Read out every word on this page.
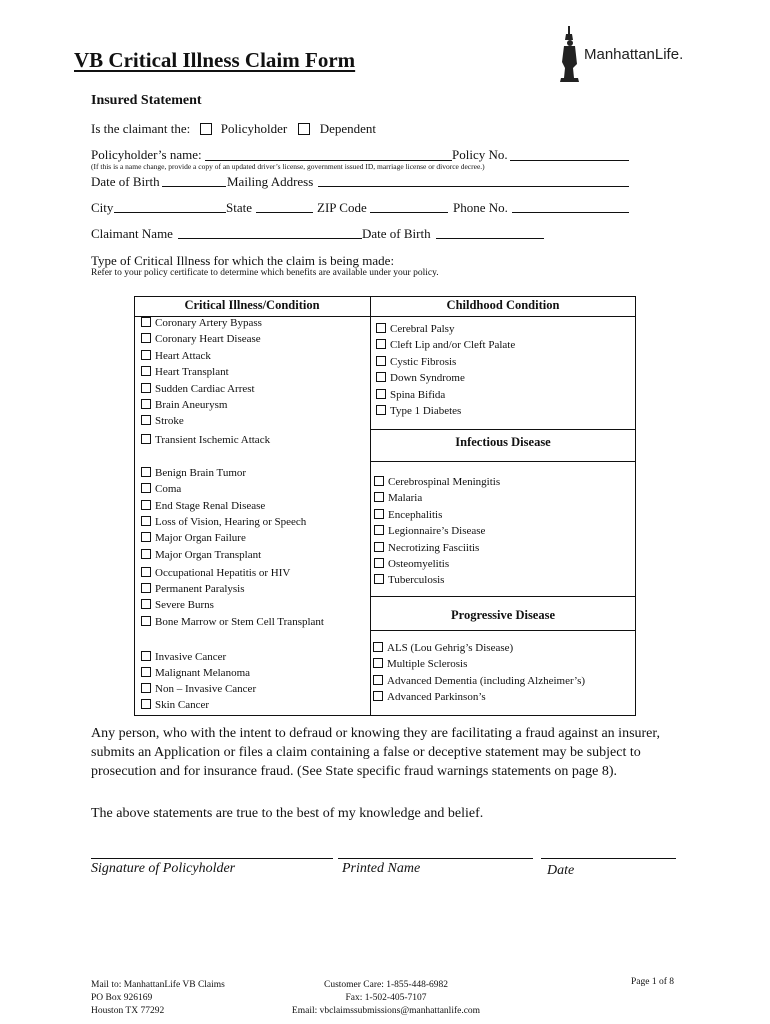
VB Critical Illness Claim Form	ManhattanLife.
Insured Statement
Is the claimant the: Policyholder	Dependent
Policyholder’s name:	Policy No.
(If this is a name change, provide a copy of an updated driver’s license, government issued ID, marriage license or divorce decree.)
Date of Birth	Mailing Address
City	State	ZIP Code	Phone No.
Claimant Name	Date of Birth
Type of Critical Illness for which the claim is being made:
Refer to your policy certificate to determine which benefits are available under your policy.
Critical Illness/Condition	Childhood Condition
Infectious Disease
Progressive Disease
Coronary Artery Bypass
Coronary Heart Disease
Heart Attack
Heart Transplant
Sudden Cardiac Arrest
Brain Aneurysm
Stroke
Transient Ischemic Attack
Benign Brain Tumor
Coma
End Stage Renal Disease
Loss of Vision, Hearing or Speech
Major Organ Failure
Major Organ Transplant
Occupational Hepatitis or HIV
Permanent Paralysis
Severe Burns
Bone Marrow or Stem Cell Transplant
Invasive Cancer
Malignant Melanoma
Non – Invasive Cancer
Skin Cancer
Cerebral Palsy
Cleft Lip and/or Cleft Palate
Cystic Fibrosis
Down Syndrome
Spina Bifida
Type 1 Diabetes
Cerebrospinal Meningitis
Malaria
Encephalitis
Legionnaire’s Disease
Necrotizing Fasciitis
Osteomyelitis
Tuberculosis
ALS (Lou Gehrig’s Disease)
Multiple Sclerosis
Advanced Dementia (including Alzheimer’s)
Advanced Parkinson’s
Any person, who with the intent to defraud or knowing they are facilitating a fraud against an insurer, submits an Application or files a claim containing a false or deceptive statement may be subject to prosecution and for insurance fraud. (See State specific fraud warnings statements on page 8).
The above statements are true to the best of my knowledge and belief.
Signature of Policyholder	Printed Name	Date
Mail to: ManhattanLife VB Claims
PO Box 926169
Houston TX 77292
Customer Care: 1-855-448-6982
Fax: 1-502-405-7107
Email: vbclaimssubmissions@manhattanlife.com
Page 1 of 8
